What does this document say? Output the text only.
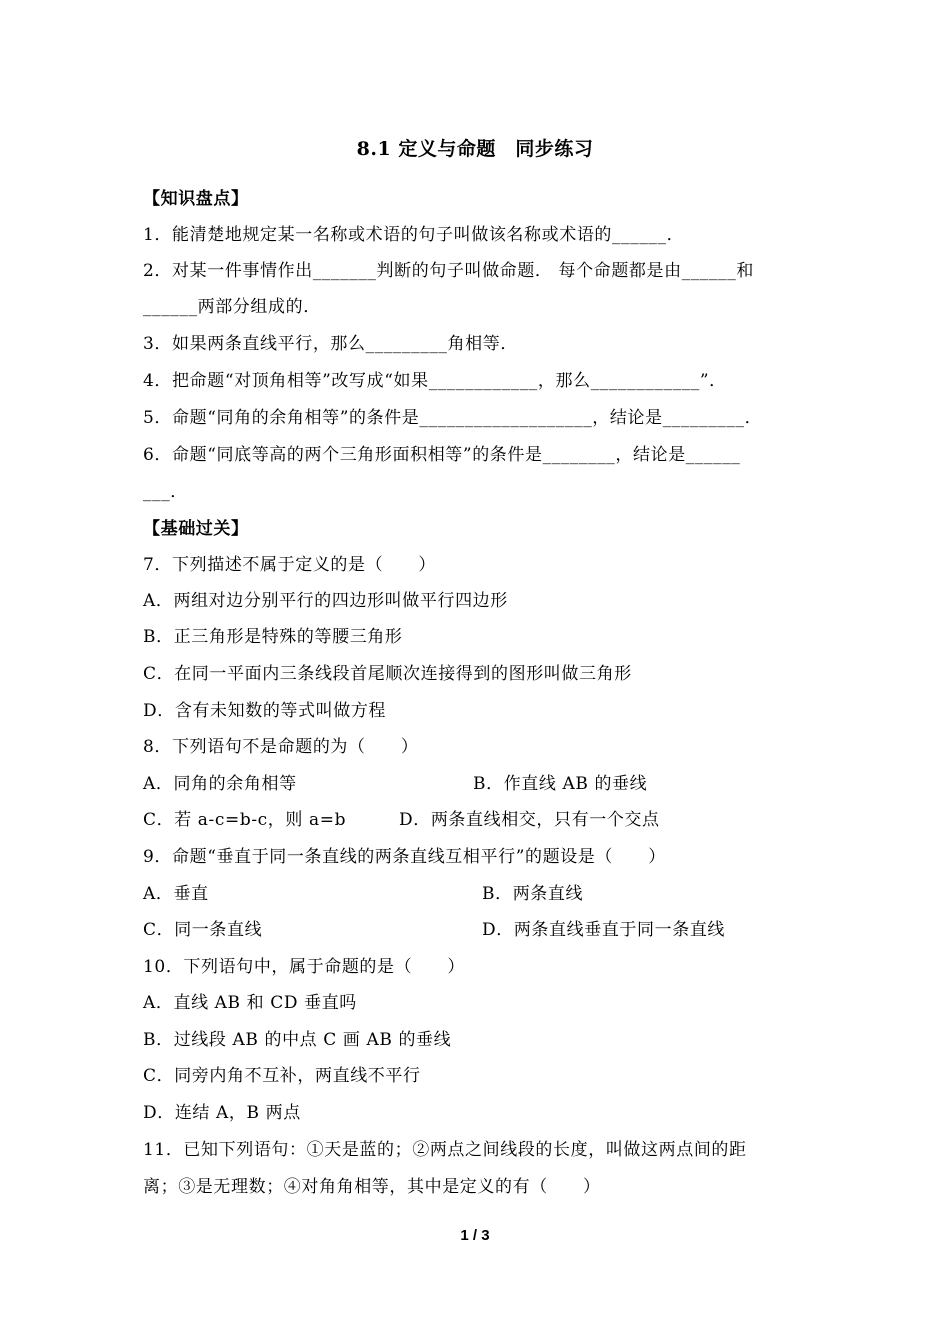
8.1 定义与命题　同步练习
【知识盘点】
1．能清楚地规定某一名称或术语的句子叫做该名称或术语的______．
2．对某一件事情作出_______判断的句子叫做命题． 每个命题都是由______和
______两部分组成的．
3．如果两条直线平行，那么_________角相等．
4．把命题“对顶角相等”改写成“如果____________，那么____________”．
5．命题“同角的余角相等”的条件是___________________，结论是_________．
6．命题“同底等高的两个三角形面积相等”的条件是________，结论是______
___．
【基础过关】
7．下列描述不属于定义的是（　　）
A．两组对边分别平行的四边形叫做平行四边形
B．正三角形是特殊的等腰三角形
C．在同一平面内三条线段首尾顺次连接得到的图形叫做三角形
D．含有未知数的等式叫做方程
8．下列语句不是命题的为（　　）
A．同角的余角相等	B．作直线 AB 的垂线
C．若 a-c=b-c，则 a=b	D．两条直线相交，只有一个交点
9．命题“垂直于同一条直线的两条直线互相平行”的题设是（　　）
A．垂直	B．两条直线
C．同一条直线	D．两条直线垂直于同一条直线
10．下列语句中，属于命题的是（　　）
A．直线 AB 和 CD 垂直吗
B．过线段 AB 的中点 C 画 AB 的垂线
C．同旁内角不互补，两直线不平行
D．连结 A，B 两点
11．已知下列语句：①天是蓝的；②两点之间线段的长度，叫做这两点间的距
离；③是无理数；④对角角相等，其中是定义的有（　　）
1 / 3
